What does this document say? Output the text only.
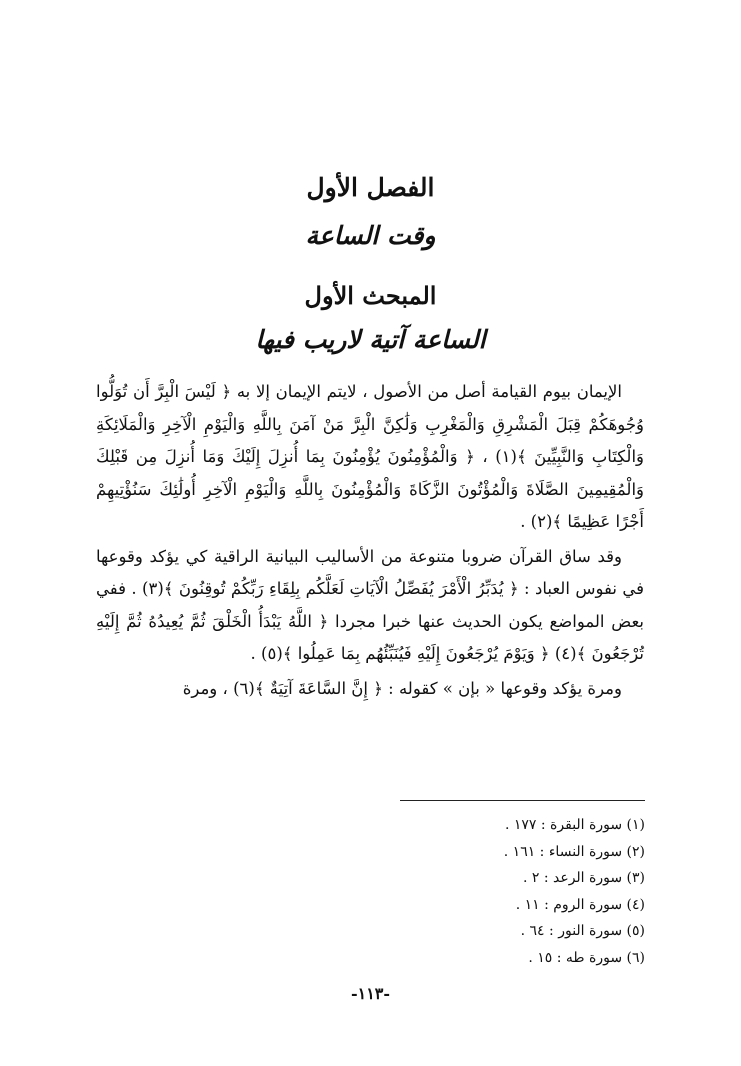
الفصل الأول
وقت الساعة
المبحث الأول
الساعة آتية لاريب فيها

الإيمان بيوم القيامة أصل من الأصول ، لايتم الإيمان إلا به ﴿ لَيْسَ الْبِرَّ أَن تُوَلُّوا وُجُوهَكُمْ قِبَلَ الْمَشْرِقِ وَالْمَغْرِبِ وَلَٰكِنَّ الْبِرَّ مَنْ آمَنَ بِاللَّهِ وَالْيَوْمِ الْآخِرِ وَالْمَلَائِكَةِ وَالْكِتَابِ وَالنَّبِيِّينَ ﴾(١) ، ﴿ وَالْمُؤْمِنُونَ يُؤْمِنُونَ بِمَا أُنزِلَ إِلَيْكَ وَمَا أُنزِلَ مِن قَبْلِكَ وَالْمُقِيمِينَ الصَّلَاةَ وَالْمُؤْتُونَ الزَّكَاةَ وَالْمُؤْمِنُونَ بِاللَّهِ وَالْيَوْمِ الْآخِرِ أُولَٰئِكَ سَنُؤْتِيهِمْ أَجْرًا عَظِيمًا ﴾(٢) .

وقد ساق القرآن ضروبا متنوعة من الأساليب البيانية الراقية كي يؤكد وقوعها في نفوس العباد : ﴿ يُدَبِّرُ الْأَمْرَ يُفَصِّلُ الْآيَاتِ لَعَلَّكُم بِلِقَاءِ رَبِّكُمْ تُوقِنُونَ ﴾(٣) . ففي بعض المواضع يكون الحديث عنها خبرا مجردا ﴿ اللَّهُ يَبْدَأُ الْخَلْقَ ثُمَّ يُعِيدُهُ ثُمَّ إِلَيْهِ تُرْجَعُونَ ﴾(٤) ﴿ وَيَوْمَ يُرْجَعُونَ إِلَيْهِ فَيُنَبِّئُهُم بِمَا عَمِلُوا ﴾(٥) .

ومرة يؤكد وقوعها « بإن » كقوله : ﴿ إِنَّ السَّاعَةَ آتِيَةٌ ﴾(٦) ، ومرة

(١) سورة البقرة : ١٧٧ .
(٢) سورة النساء : ١٦١ .
(٣) سورة الرعد : ٢ .
(٤) سورة الروم : ١١ .
(٥) سورة النور : ٦٤ .
(٦) سورة طه : ١٥ .
-١١٣-
